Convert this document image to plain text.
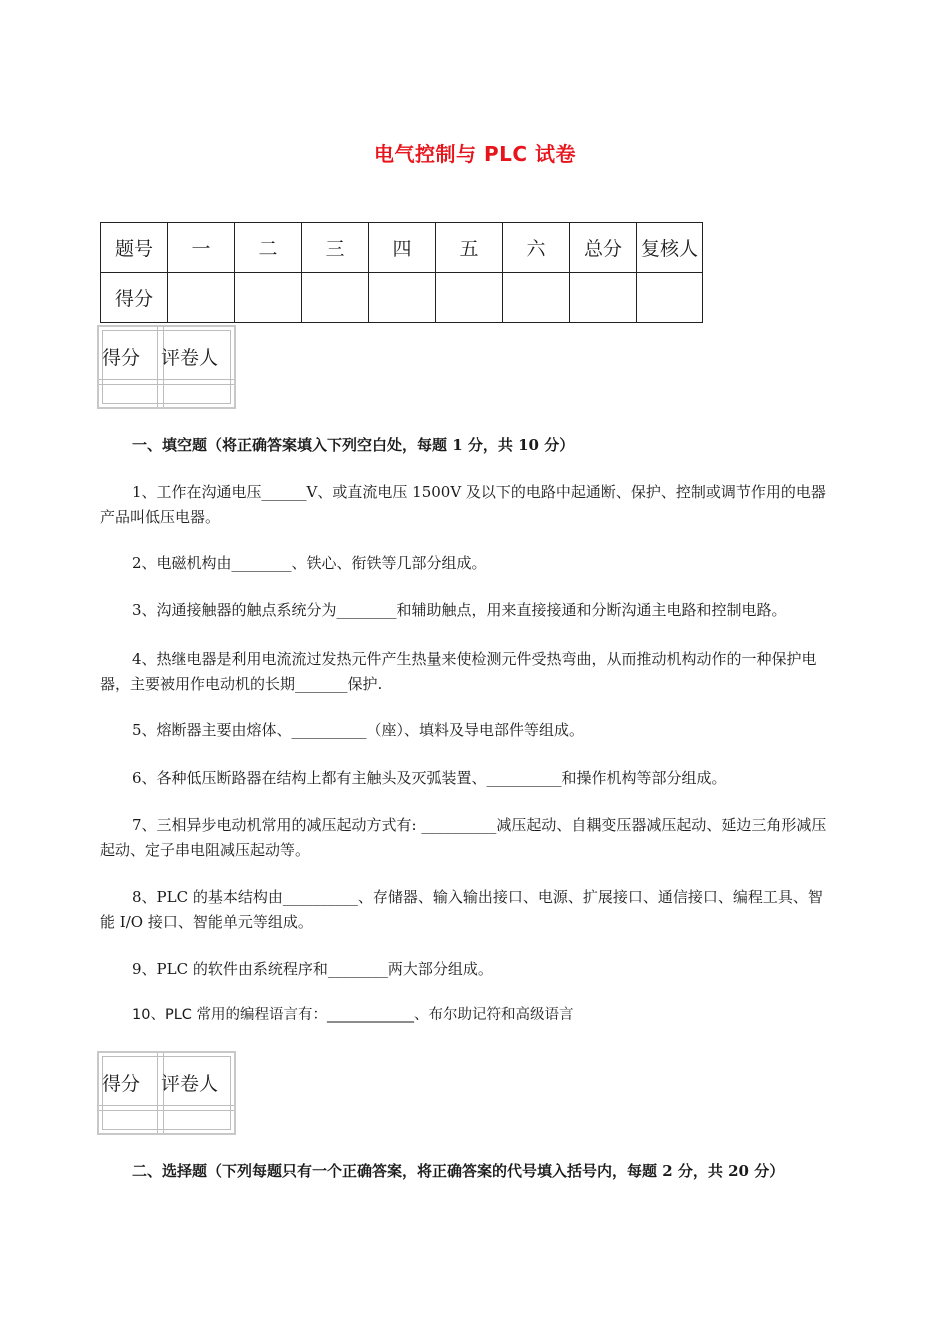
电气控制与 PLC 试卷
题号	一	二	三	四	五	六	总分	复核人
得分								
得分 评卷人
一、填空题（将正确答案填入下列空白处，每题 1 分，共 10 分）
1、工作在沟通电压______V、或直流电压 1500V 及以下的电路中起通断、保护、控制或调节作用的电器产品叫低压电器。
2、电磁机构由________、铁心、衔铁等几部分组成。
3、沟通接触器的触点系统分为________和辅助触点，用来直接接通和分断沟通主电路和控制电路。
4、热继电器是利用电流流过发热元件产生热量来使检测元件受热弯曲，从而推动机构动作的一种保护电器，主要被用作电动机的长期_______保护.
5、熔断器主要由熔体、__________（座）、填料及导电部件等组成。
6、各种低压断路器在结构上都有主触头及灭弧装置、__________和操作机构等部分组成。
7、三相异步电动机常用的减压起动方式有: __________减压起动、自耦变压器减压起动、延边三角形减压起动、定子串电阻减压起动等。
8、PLC 的基本结构由__________、存储器、输入输出接口、电源、扩展接口、通信接口、编程工具、智能 I/O 接口、智能单元等组成。
9、PLC 的软件由系统程序和________两大部分组成。
10、PLC 常用的编程语言有：____________、布尔助记符和高级语言
得分 评卷人
二、选择题（下列每题只有一个正确答案，将正确答案的代号填入括号内，每题 2 分，共 20 分）
